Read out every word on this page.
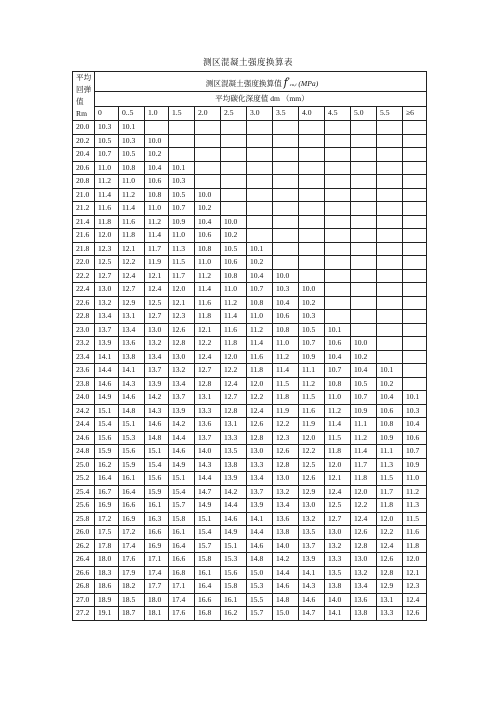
测区混凝土强度换算表
平均
回弹
值
Rm	测区混凝土强度换算值 $f^ccu,i$ (MPa)												
	平均碳化深度值 dm （mm）												
	0	0..5	1.0	1.5	2.0	2.5	3.0	3.5	4.0	4.5	5.0	5.5	≥6
20.0	10.3	10.1											
20.2	10.5	10.3	10.0										
20.4	10.7	10.5	10.2										
20.6	11.0	10.8	10.4	10.1									
20.8	11.2	11.0	10.6	10.3									
21.0	11.4	11.2	10.8	10.5	10.0								
21.2	11.6	11.4	11.0	10.7	10.2								
21.4	11.8	11.6	11.2	10.9	10.4	10.0							
21.6	12.0	11.8	11.4	11.0	10.6	10.2							
21.8	12.3	12.1	11.7	11.3	10.8	10.5	10.1						
22.0	12.5	12.2	11.9	11.5	11.0	10.6	10.2						
22.2	12.7	12.4	12.1	11.7	11.2	10.8	10.4	10.0					
22.4	13.0	12.7	12.4	12.0	11.4	11.0	10.7	10.3	10.0				
22.6	13.2	12.9	12.5	12.1	11.6	11.2	10.8	10.4	10.2				
22.8	13.4	13.1	12.7	12.3	11.8	11.4	11.0	10.6	10.3				
23.0	13.7	13.4	13.0	12.6	12.1	11.6	11.2	10.8	10.5	10.1			
23.2	13.9	13.6	13.2	12.8	12.2	11.8	11.4	11.0	10.7	10.6	10.0		
23.4	14.1	13.8	13.4	13.0	12.4	12.0	11.6	11.2	10.9	10.4	10.2		
23.6	14.4	14.1	13.7	13.2	12.7	12.2	11.8	11.4	11.1	10.7	10.4	10.1	
23.8	14.6	14.3	13.9	13.4	12.8	12.4	12.0	11.5	11.2	10.8	10.5	10.2	
24.0	14.9	14.6	14.2	13.7	13.1	12.7	12.2	11.8	11.5	11.0	10.7	10.4	10.1
24.2	15.1	14.8	14.3	13.9	13.3	12.8	12.4	11.9	11.6	11.2	10.9	10.6	10.3
24.4	15.4	15.1	14.6	14.2	13.6	13.1	12.6	12.2	11.9	11.4	11.1	10.8	10.4
24.6	15.6	15.3	14.8	14.4	13.7	13.3	12.8	12.3	12.0	11.5	11.2	10.9	10.6
24.8	15.9	15.6	15.1	14.6	14.0	13.5	13.0	12.6	12.2	11.8	11.4	11.1	10.7
25.0	16.2	15.9	15.4	14.9	14.3	13.8	13.3	12.8	12.5	12.0	11.7	11.3	10.9
25.2	16.4	16.1	15.6	15.1	14.4	13.9	13.4	13.0	12.6	12.1	11.8	11.5	11.0
25.4	16.7	16.4	15.9	15.4	14.7	14.2	13.7	13.2	12.9	12.4	12.0	11.7	11.2
25.6	16.9	16.6	16.1	15.7	14.9	14.4	13.9	13.4	13.0	12.5	12.2	11.8	11.3
25.8	17.2	16.9	16.3	15.8	15.1	14.6	14.1	13.6	13.2	12.7	12.4	12.0	11.5
26.0	17.5	17.2	16.6	16.1	15.4	14.9	14.4	13.8	13.5	13.0	12.6	12.2	11.6
26.2	17.8	17.4	16.9	16.4	15.7	15.1	14.6	14.0	13.7	13.2	12.8	12.4	11.8
26.4	18.0	17.6	17.1	16.6	15.8	15.3	14.8	14.2	13.9	13.3	13.0	12.6	12.0
26.6	18.3	17.9	17.4	16.8	16.1	15.6	15.0	14.4	14.1	13.5	13.2	12.8	12.1
26.8	18.6	18.2	17.7	17.1	16.4	15.8	15.3	14.6	14.3	13.8	13.4	12.9	12.3
27.0	18.9	18.5	18.0	17.4	16.6	16.1	15.5	14.8	14.6	14.0	13.6	13.1	12.4
27.2	19.1	18.7	18.1	17.6	16.8	16.2	15.7	15.0	14.7	14.1	13.8	13.3	12.6
